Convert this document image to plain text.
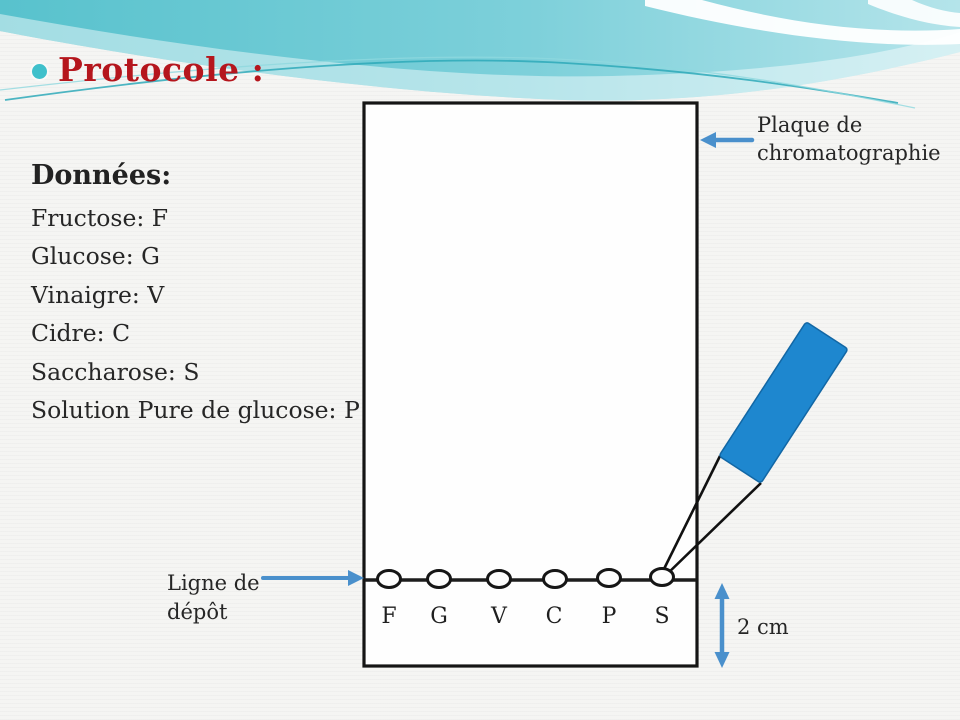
Protocole :
Données:
Fructose: F
Glucose: G
Vinaigre: V
Cidre: C
Saccharose: S
Solution Pure de glucose: P
Plaque de chromatographie
Ligne de dépôt
2 cm
F G V C P S
